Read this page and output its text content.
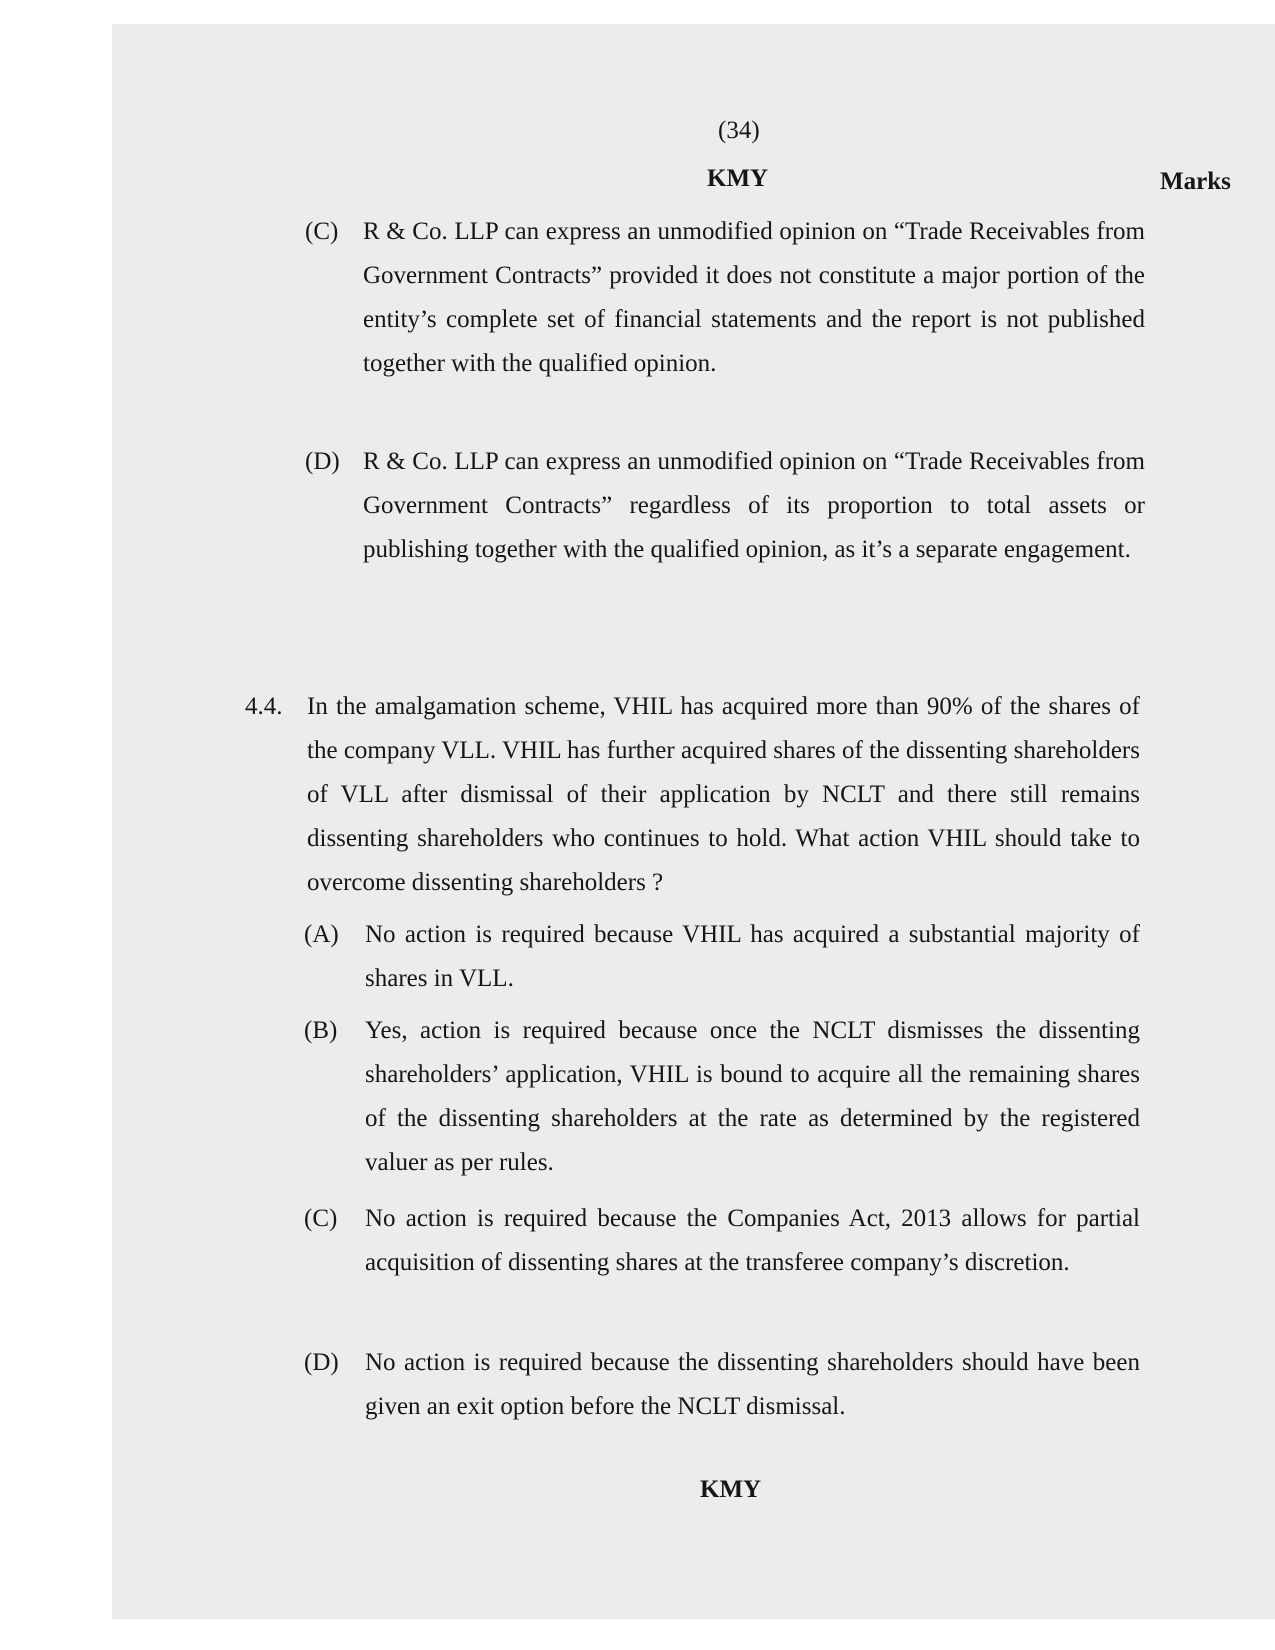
(34)
KMY	Marks
(C) R & Co. LLP can express an unmodified opinion on “Trade Receivables from Government Contracts” provided it does not constitute a major portion of the entity’s complete set of financial statements and the report is not published together with the qualified opinion.
(D) R & Co. LLP can express an unmodified opinion on “Trade Receivables from Government Contracts” regardless of its proportion to total assets or publishing together with the qualified opinion, as it’s a separate engagement.
4.4. In the amalgamation scheme, VHIL has acquired more than 90% of the shares of the company VLL. VHIL has further acquired shares of the dissenting shareholders of VLL after dismissal of their application by NCLT and there still remains dissenting shareholders who continues to hold. What action VHIL should take to overcome dissenting shareholders ?
(A) No action is required because VHIL has acquired a substantial majority of shares in VLL.
(B) Yes, action is required because once the NCLT dismisses the dissenting shareholders’ application, VHIL is bound to acquire all the remaining shares of the dissenting shareholders at the rate as determined by the registered valuer as per rules.
(C) No action is required because the Companies Act, 2013 allows for partial acquisition of dissenting shares at the transferee company’s discretion.
(D) No action is required because the dissenting shareholders should have been given an exit option before the NCLT dismissal.
KMY
